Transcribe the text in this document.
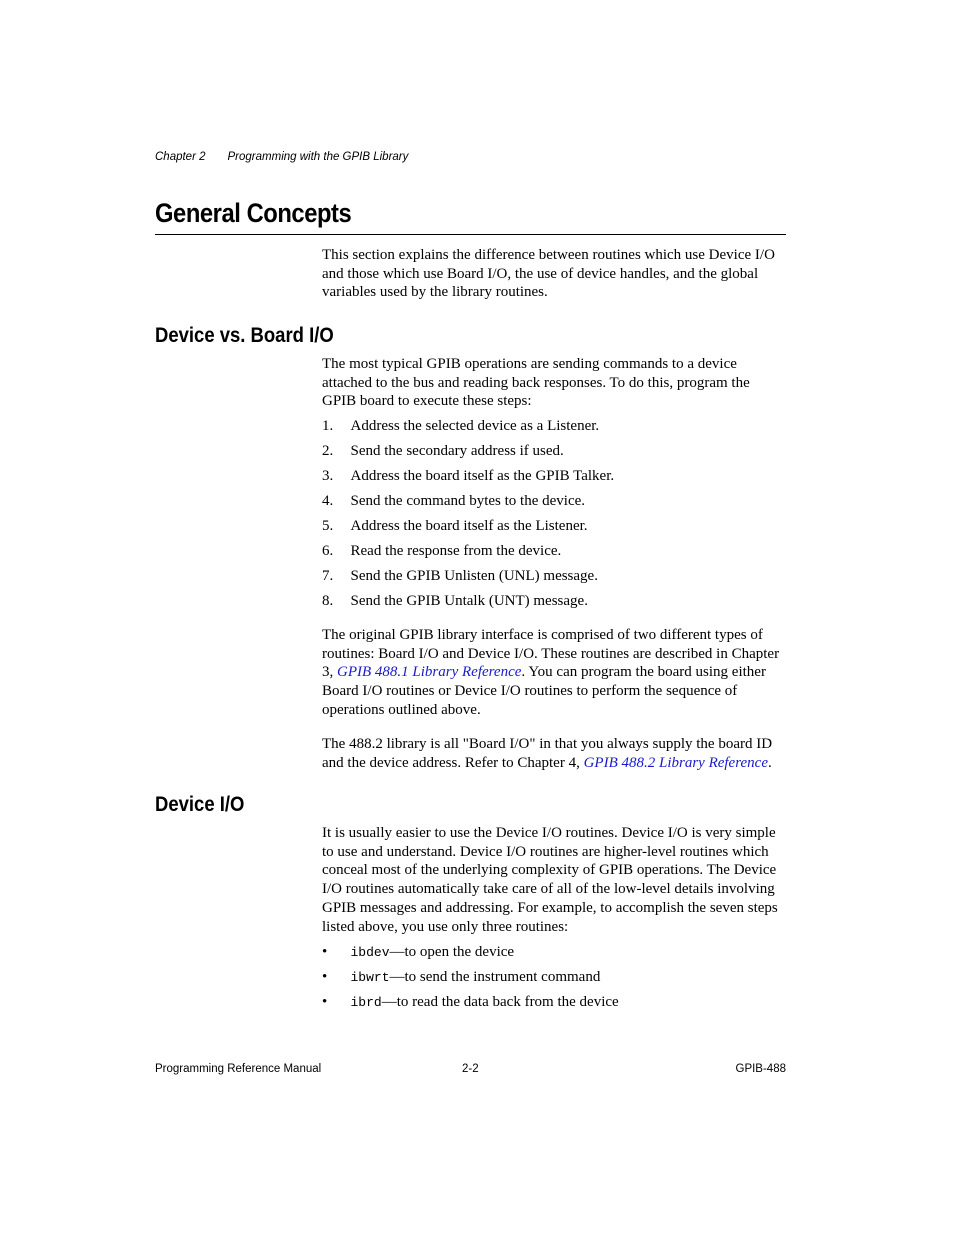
Chapter 2 Programming with the GPIB Library
General Concepts

This section explains the difference between routines which use Device I/O and those which use Board I/O, the use of device handles, and the global variables used by the library routines.

Device vs. Board I/O

The most typical GPIB operations are sending commands to a device attached to the bus and reading back responses. To do this, program the GPIB board to execute these steps:

1. Address the selected device as a Listener.
2. Send the secondary address if used.
3. Address the board itself as the GPIB Talker.
4. Send the command bytes to the device.
5. Address the board itself as the Listener.
6. Read the response from the device.
7. Send the GPIB Unlisten (UNL) message.
8. Send the GPIB Untalk (UNT) message.

The original GPIB library interface is comprised of two different types of routines: Board I/O and Device I/O. These routines are described in Chapter 3, GPIB 488.1 Library Reference. You can program the board using either Board I/O routines or Device I/O routines to perform the sequence of operations outlined above.

The 488.2 library is all "Board I/O" in that you always supply the board ID and the device address. Refer to Chapter 4, GPIB 488.2 Library Reference.

Device I/O

It is usually easier to use the Device I/O routines. Device I/O is very simple to use and understand. Device I/O routines are higher-level routines which conceal most of the underlying complexity of GPIB operations. The Device I/O routines automatically take care of all of the low-level details involving GPIB messages and addressing. For example, to accomplish the seven steps listed above, you use only three routines:

• ibdev—to open the device
• ibwrt—to send the instrument command
• ibrd—to read the data back from the device
Programming Reference Manual	2-2	GPIB-488
